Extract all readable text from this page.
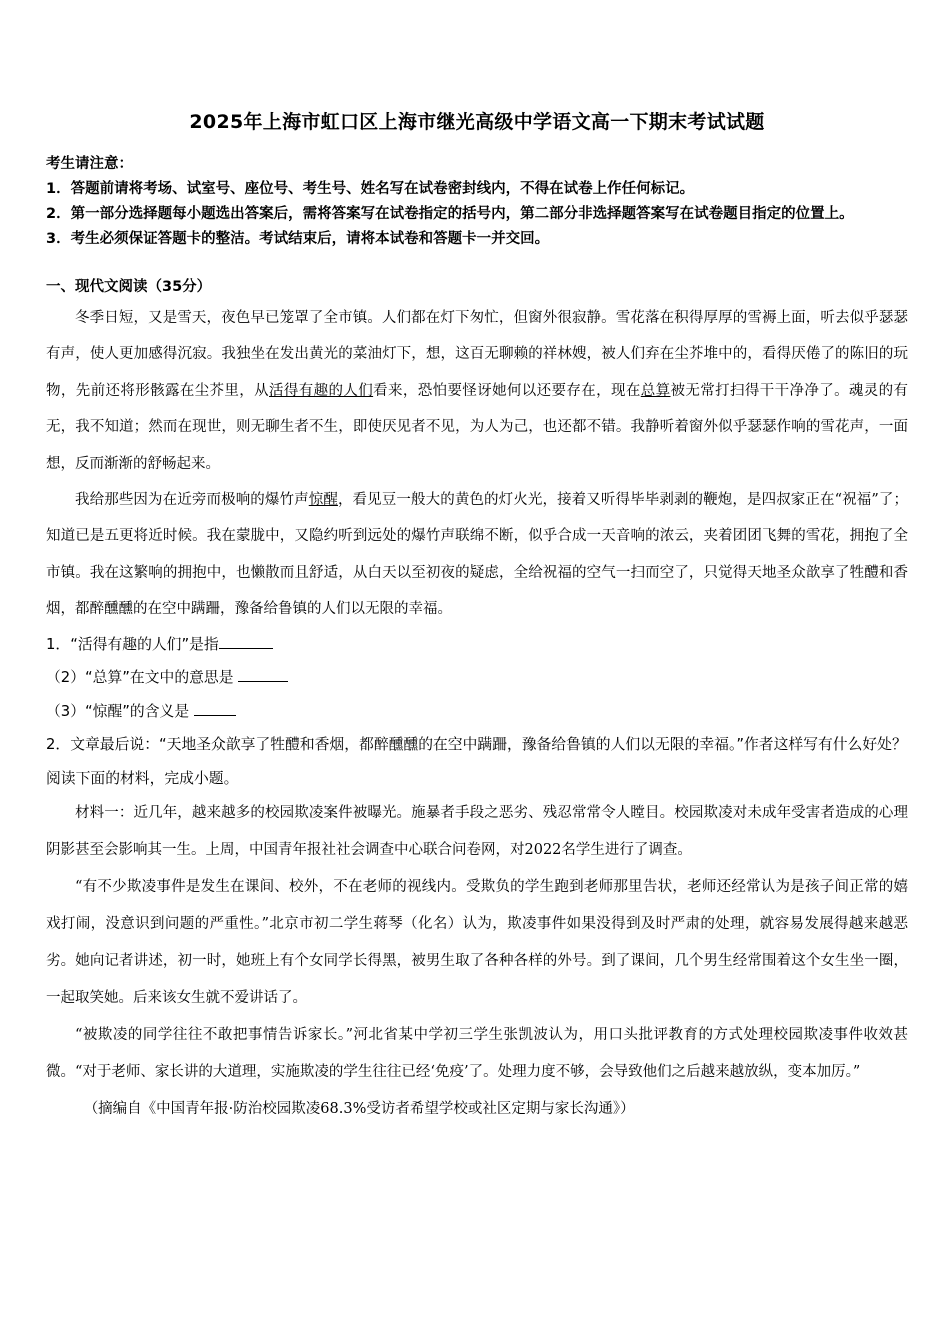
2025年上海市虹口区上海市继光高级中学语文高一下期末考试试题

考生请注意：

1．答题前请将考场、试室号、座位号、考生号、姓名写在试卷密封线内，不得在试卷上作任何标记。

2．第一部分选择题每小题选出答案后，需将答案写在试卷指定的括号内，第二部分非选择题答案写在试卷题目指定的位置上。

3．考生必须保证答题卡的整洁。考试结束后，请将本试卷和答题卡一并交回。

一、现代文阅读（35分）

冬季日短，又是雪天，夜色早已笼罩了全市镇。人们都在灯下匆忙，但窗外很寂静。雪花落在积得厚厚的雪褥上面，听去似乎瑟瑟有声，使人更加感得沉寂。我独坐在发出黄光的菜油灯下，想，这百无聊赖的祥林嫂，被人们弃在尘芥堆中的，看得厌倦了的陈旧的玩物，先前还将形骸露在尘芥里，从活得有趣的人们看来，恐怕要怪讶她何以还要存在，现在总算被无常打扫得干干净净了。魂灵的有无，我不知道；然而在现世，则无聊生者不生，即使厌见者不见，为人为己，也还都不错。我静听着窗外似乎瑟瑟作响的雪花声，一面想，反而渐渐的舒畅起来。

我给那些因为在近旁而极响的爆竹声惊醒，看见豆一般大的黄色的灯火光，接着又听得毕毕剥剥的鞭炮，是四叔家正在“祝福”了；知道已是五更将近时候。我在蒙胧中，又隐约听到远处的爆竹声联绵不断，似乎合成一天音响的浓云，夹着团团飞舞的雪花，拥抱了全市镇。我在这繁响的拥抱中，也懒散而且舒适，从白天以至初夜的疑虑，全给祝福的空气一扫而空了，只觉得天地圣众歆享了牲醴和香烟，都醉醺醺的在空中蹒跚，豫备给鲁镇的人们以无限的幸福。

1．“活得有趣的人们”是指

（2）“总算”在文中的意思是

（3）“惊醒”的含义是

2．文章最后说：“天地圣众歆享了牲醴和香烟，都醉醺醺的在空中蹒跚，豫备给鲁镇的人们以无限的幸福。”作者这样写有什么好处？

阅读下面的材料，完成小题。

材料一：近几年，越来越多的校园欺凌案件被曝光。施暴者手段之恶劣、残忍常常令人瞠目。校园欺凌对未成年受害者造成的心理阴影甚至会影响其一生。上周，中国青年报社社会调查中心联合问卷网，对2022名学生进行了调查。

“有不少欺凌事件是发生在课间、校外，不在老师的视线内。受欺负的学生跑到老师那里告状，老师还经常认为是孩子间正常的嬉戏打闹，没意识到问题的严重性。”北京市初二学生蒋琴（化名）认为，欺凌事件如果没得到及时严肃的处理，就容易发展得越来越恶劣。她向记者讲述，初一时，她班上有个女同学长得黑，被男生取了各种各样的外号。到了课间，几个男生经常围着这个女生坐一圈，一起取笑她。后来该女生就不爱讲话了。

“被欺凌的同学往往不敢把事情告诉家长。”河北省某中学初三学生张凯波认为，用口头批评教育的方式处理校园欺凌事件收效甚微。“对于老师、家长讲的大道理，实施欺凌的学生往往已经‘免疫’了。处理力度不够，会导致他们之后越来越放纵，变本加厉。”

（摘编自《中国青年报·防治校园欺凌68.3%受访者希望学校或社区定期与家长沟通》）
